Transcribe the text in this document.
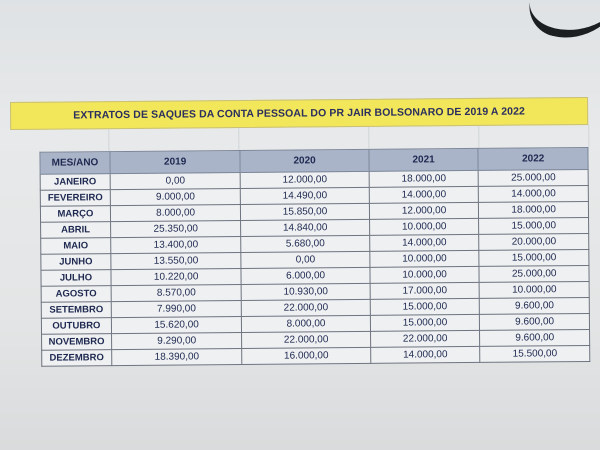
EXTRATOS DE SAQUES DA CONTA PESSOAL DO PR JAIR BOLSONARO DE 2019 A 2022
MES/ANO	2019	2020	2021	2022
JANEIRO	0,00	12.000,00	18.000,00	25.000,00
FEVEREIRO	9.000,00	14.490,00	14.000,00	14.000,00
MARÇO	8.000,00	15.850,00	12.000,00	18.000,00
ABRIL	25.350,00	14.840,00	10.000,00	15.000,00
MAIO	13.400,00	5.680,00	14.000,00	20.000,00
JUNHO	13.550,00	0,00	10.000,00	15.000,00
JULHO	10.220,00	6.000,00	10.000,00	25.000,00
AGOSTO	8.570,00	10.930,00	17.000,00	10.000,00
SETEMBRO	7.990,00	22.000,00	15.000,00	9.600,00
OUTUBRO	15.620,00	8.000,00	15.000,00	9.600,00
NOVEMBRO	9.290,00	22.000,00	22.000,00	9.600,00
DEZEMBRO	18.390,00	16.000,00	14.000,00	15.500,00
